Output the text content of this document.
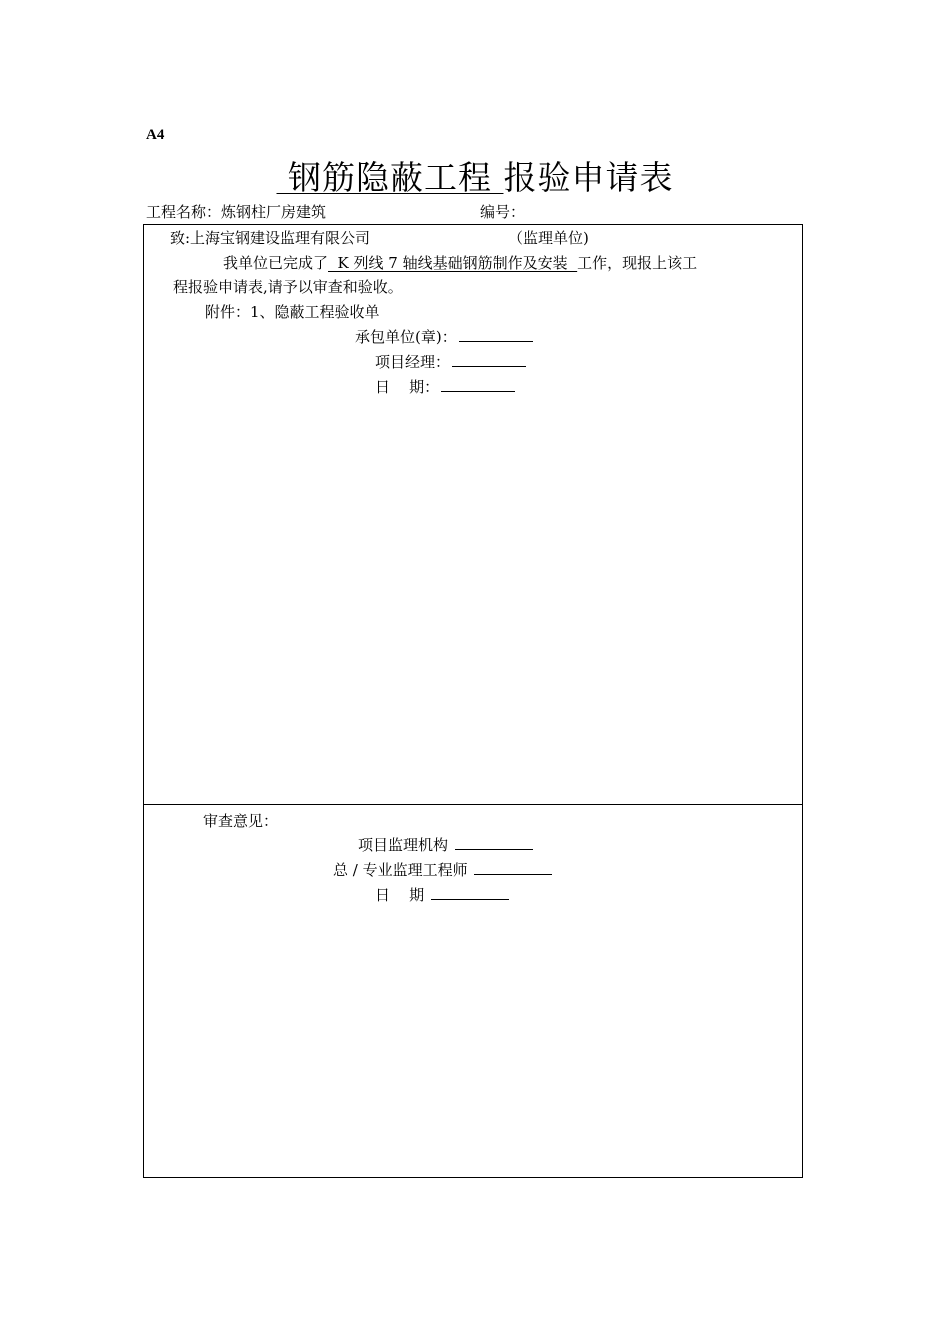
A4
钢筋隐蔽工程 报验申请表
工程名称：炼钢柱厂房建筑	编号：
致:上海宝钢建设监理有限公司	（监理单位)
我单位已完成了  K 列线 7 轴线基础钢筋制作及安装  工作，现报上该工
程报验申请表,请予以审查和验收。
附件：1、隐蔽工程验收单
承包单位(章)：
项目经理：
日    期：
审查意见：
项目监理机构
总 / 专业监理工程师
日    期
